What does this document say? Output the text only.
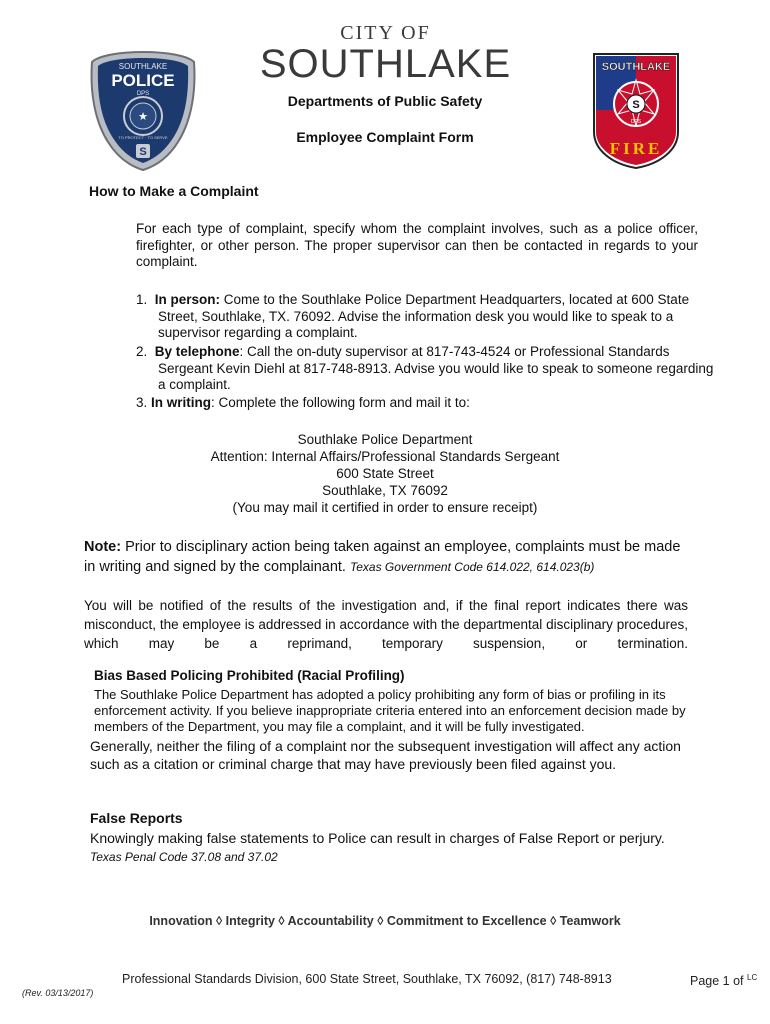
SOUTHLAKE
POLICE
DPS
★
TO PROTECT · TO SERVE
S
CITY OF
SOUTHLAKE	SOUTHLAKE
S
DPS
FIRE
Departments of Public Safety
Employee Complaint Form
How to Make a Complaint
For each type of complaint, specify whom the complaint involves, such as a police officer, firefighter, or other person. The proper supervisor can then be contacted in regards to your complaint.
1. In person: Come to the Southlake Police Department Headquarters, located at 600 State Street, Southlake, TX. 76092. Advise the information desk you would like to speak to a supervisor regarding a complaint.
2. By telephone: Call the on-duty supervisor at 817-743-4524 or Professional Standards Sergeant Kevin Diehl at 817-748-8913. Advise you would like to speak to someone regarding a complaint.
3. In writing: Complete the following form and mail it to:
Southlake Police Department
Attention: Internal Affairs/Professional Standards Sergeant
600 State Street
Southlake, TX 76092
(You may mail it certified in order to ensure receipt)
Note: Prior to disciplinary action being taken against an employee, complaints must be made in writing and signed by the complainant. Texas Government Code 614.022, 614.023(b)
You will be notified of the results of the investigation and, if the final report indicates there was misconduct, the employee is addressed in accordance with the departmental disciplinary procedures, which may be a reprimand, temporary suspension, or termination.
Bias Based Policing Prohibited (Racial Profiling)
The Southlake Police Department has adopted a policy prohibiting any form of bias or profiling in its enforcement activity. If you believe inappropriate criteria entered into an enforcement decision made by members of the Department, you may file a complaint, and it will be fully investigated.
Generally, neither the filing of a complaint nor the subsequent investigation will affect any action such as a citation or criminal charge that may have previously been filed against you.
False Reports
Knowingly making false statements to Police can result in charges of False Report or perjury. Texas Penal Code 37.08 and 37.02
Innovation ◊ Integrity ◊ Accountability ◊ Commitment to Excellence ◊ Teamwork
Professional Standards Division, 600 State Street, Southlake, TX 76092, (817) 748-8913	Page 1 of $^{LC}$
(Rev. 03/13/2017)
